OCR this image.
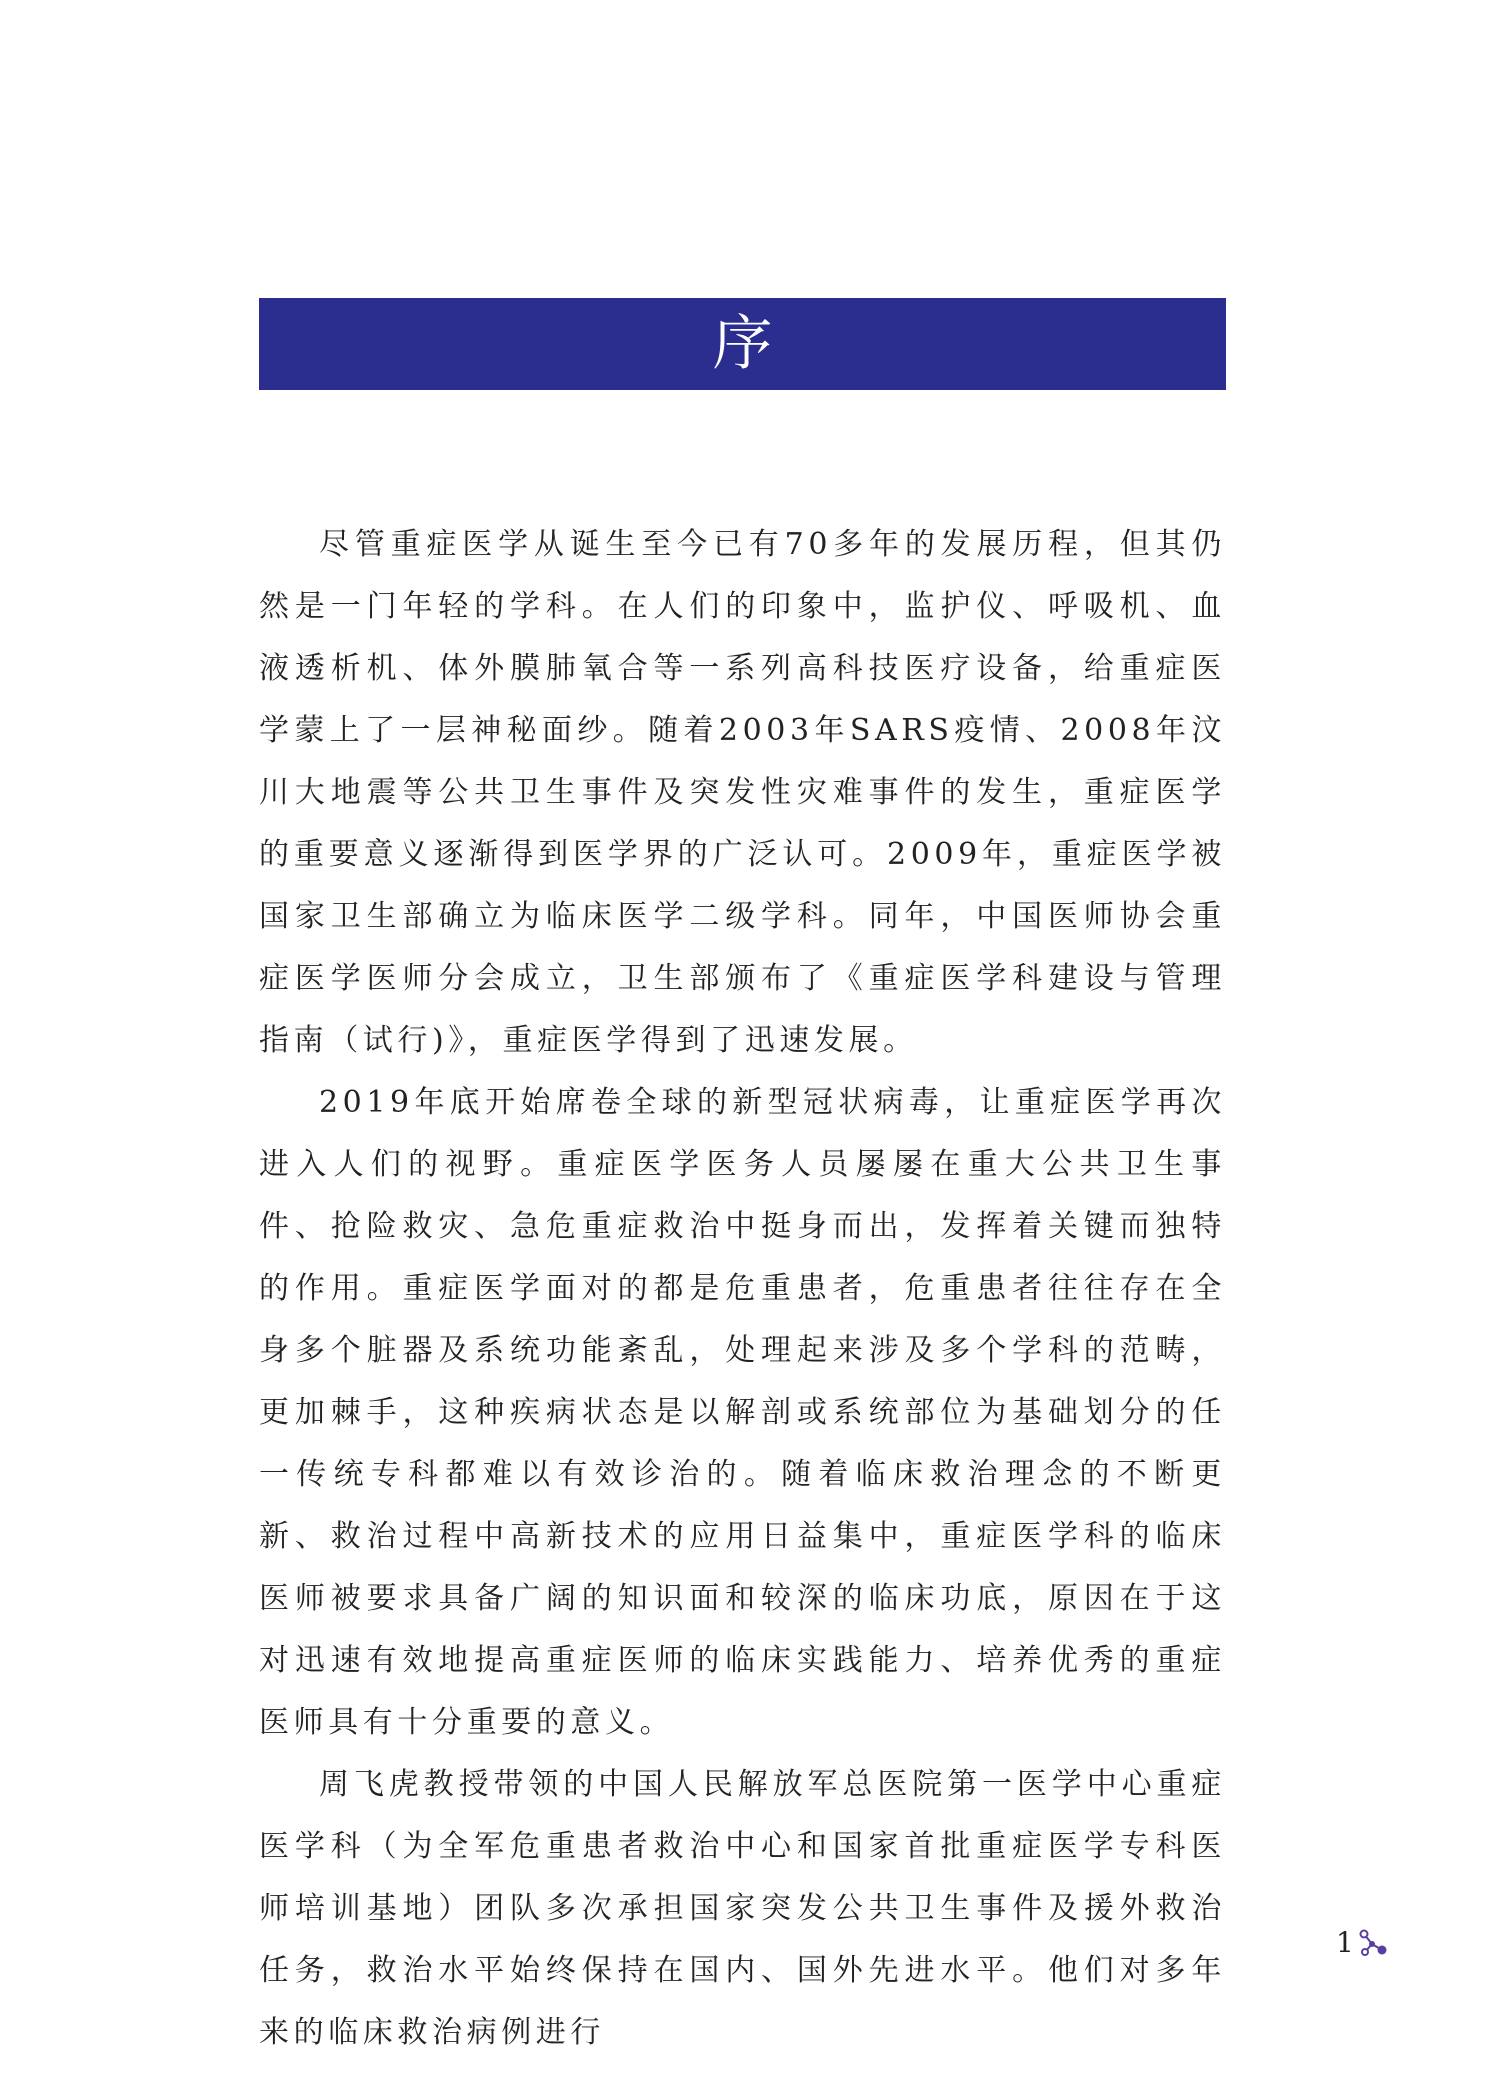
序

尽管重症医学从诞生至今已有70多年的发展历程，但其仍然是一门年轻的学科。在人们的印象中，监护仪、呼吸机、血液透析机、体外膜肺氧合等一系列高科技医疗设备，给重症医学蒙上了一层神秘面纱。随着2003年SARS疫情、2008年汶川大地震等公共卫生事件及突发性灾难事件的发生，重症医学的重要意义逐渐得到医学界的广泛认可。2009年，重症医学被国家卫生部确立为临床医学二级学科。同年，中国医师协会重症医学医师分会成立，卫生部颁布了《重症医学科建设与管理指南（试行)》，重症医学得到了迅速发展。

2019年底开始席卷全球的新型冠状病毒，让重症医学再次进入人们的视野。重症医学医务人员屡屡在重大公共卫生事件、抢险救灾、急危重症救治中挺身而出，发挥着关键而独特的作用。重症医学面对的都是危重患者，危重患者往往存在全身多个脏器及系统功能紊乱，处理起来涉及多个学科的范畴，更加棘手，这种疾病状态是以解剖或系统部位为基础划分的任一传统专科都难以有效诊治的。随着临床救治理念的不断更新、救治过程中高新技术的应用日益集中，重症医学科的临床医师被要求具备广阔的知识面和较深的临床功底，原因在于这对迅速有效地提高重症医师的临床实践能力、培养优秀的重症医师具有十分重要的意义。

周飞虎教授带领的中国人民解放军总医院第一医学中心重症医学科（为全军危重患者救治中心和国家首批重症医学专科医师培训基地）团队多次承担国家突发公共卫生事件及援外救治任务，救治水平始终保持在国内、国外先进水平。他们对多年来的临床救治病例进行

1
